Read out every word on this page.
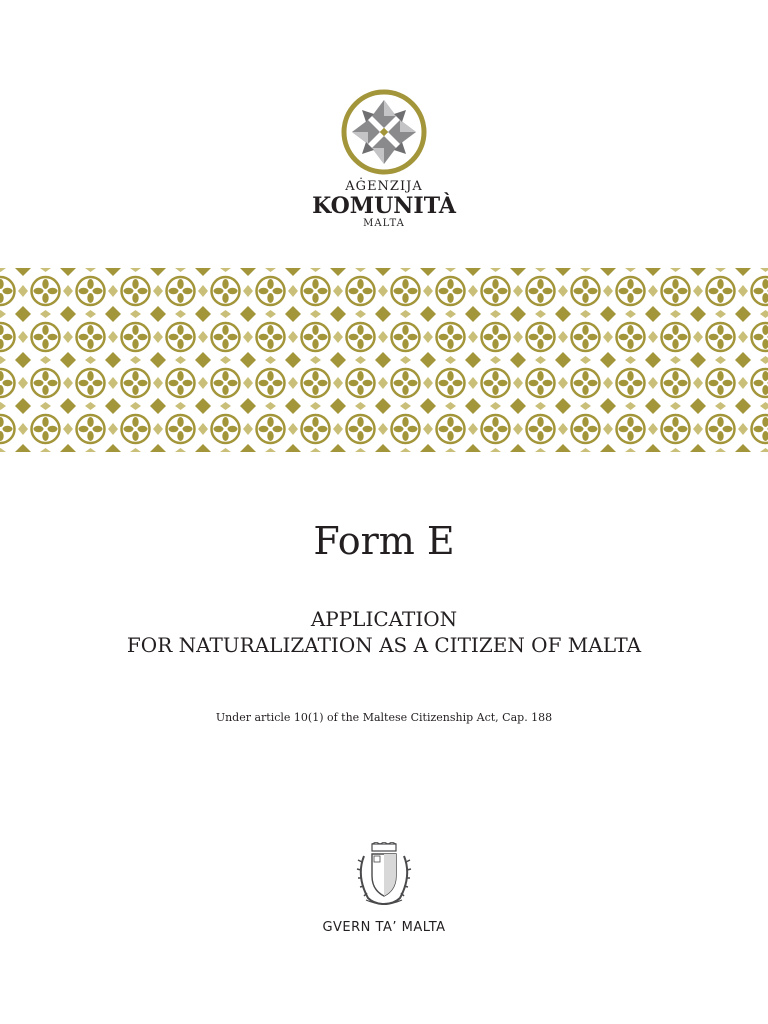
AĠENZIJA
KOMUNITÀ
MALTA
Form E
APPLICATION
FOR NATURALIZATION AS A CITIZEN OF MALTA
Under article 10(1) of the Maltese Citizenship Act, Cap. 188
GVERN TA’ MALTA
